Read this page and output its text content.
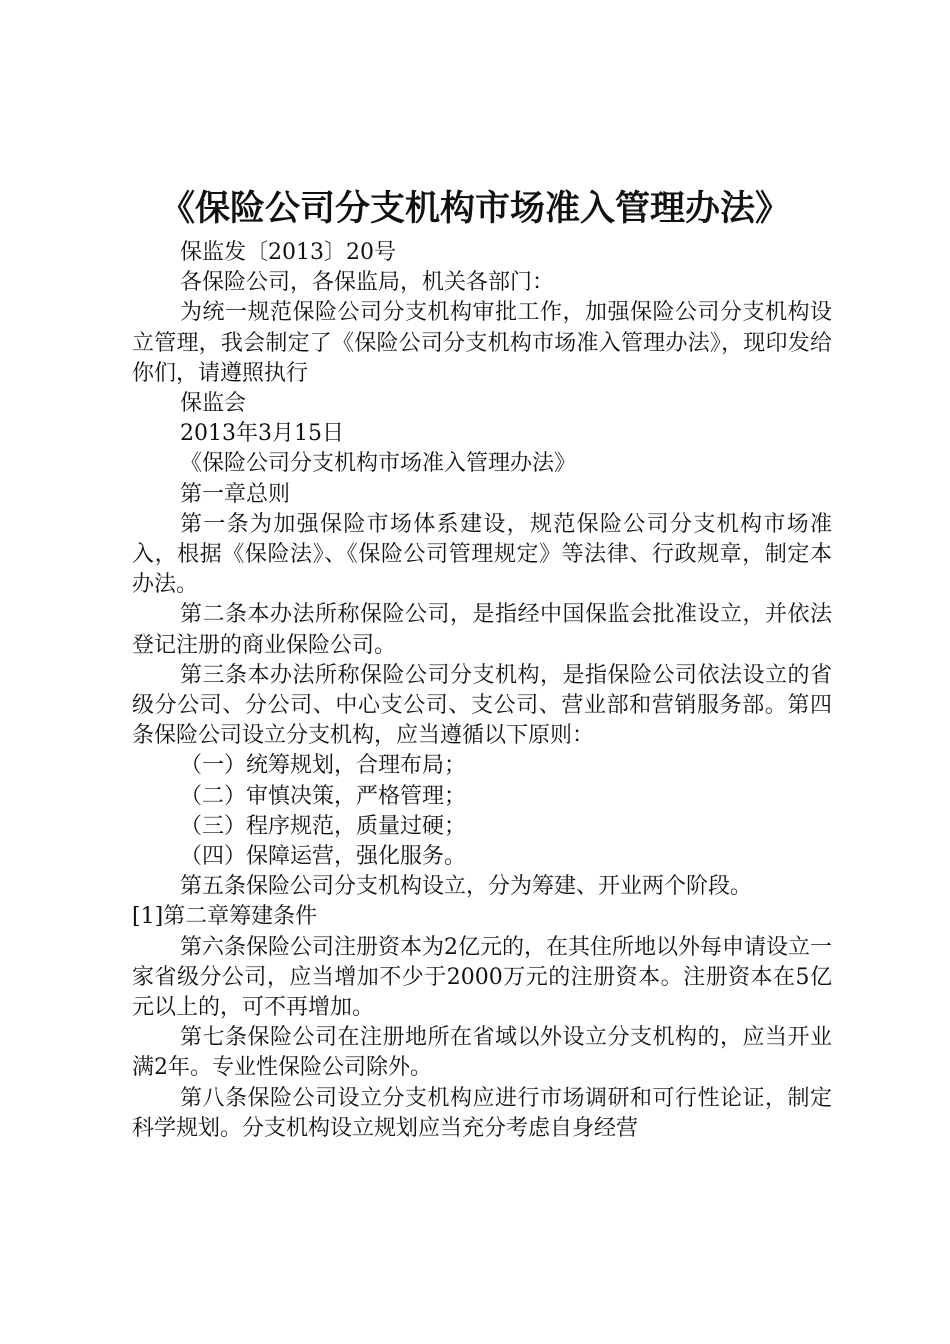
《保险公司分支机构市场准入管理办法》

保监发〔2013〕20号

各保险公司，各保监局，机关各部门：

为统一规范保险公司分支机构审批工作，加强保险公司分支机构设立管理，我会制定了《保险公司分支机构市场准入管理办法》，现印发给你们，请遵照执行

保监会

2013年3月15日

《保险公司分支机构市场准入管理办法》

第一章总则

第一条为加强保险市场体系建设，规范保险公司分支机构市场准入，根据《保险法》、《保险公司管理规定》等法律、行政规章，制定本办法。

第二条本办法所称保险公司，是指经中国保监会批准设立，并依法登记注册的商业保险公司。

第三条本办法所称保险公司分支机构，是指保险公司依法设立的省级分公司、分公司、中心支公司、支公司、营业部和营销服务部。第四条保险公司设立分支机构，应当遵循以下原则：

（一）统筹规划，合理布局；

（二）审慎决策，严格管理；

（三）程序规范，质量过硬；

（四）保障运营，强化服务。

第五条保险公司分支机构设立，分为筹建、开业两个阶段。

[1]第二章筹建条件

第六条保险公司注册资本为2亿元的，在其住所地以外每申请设立一家省级分公司，应当增加不少于2000万元的注册资本。注册资本在5亿元以上的，可不再增加。

第七条保险公司在注册地所在省域以外设立分支机构的，应当开业满2年。专业性保险公司除外。

第八条保险公司设立分支机构应进行市场调研和可行性论证，制定科学规划。分支机构设立规划应当充分考虑自身经营
